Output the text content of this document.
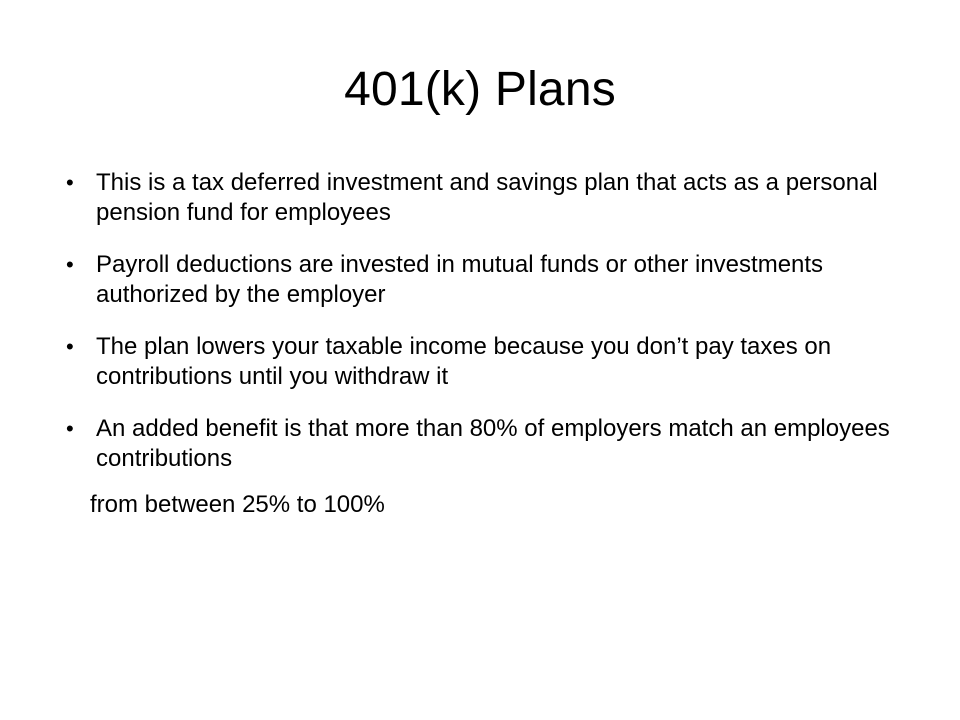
401(k) Plans
• This is a tax deferred investment and savings plan that acts as a personal pension fund for employees
• Payroll deductions are invested in mutual funds or other investments authorized by the employer
• The plan lowers your taxable income because you don’t pay taxes on contributions until you withdraw it
• An added benefit is that more than 80% of employers match an employees contributions
from between 25% to 100%
